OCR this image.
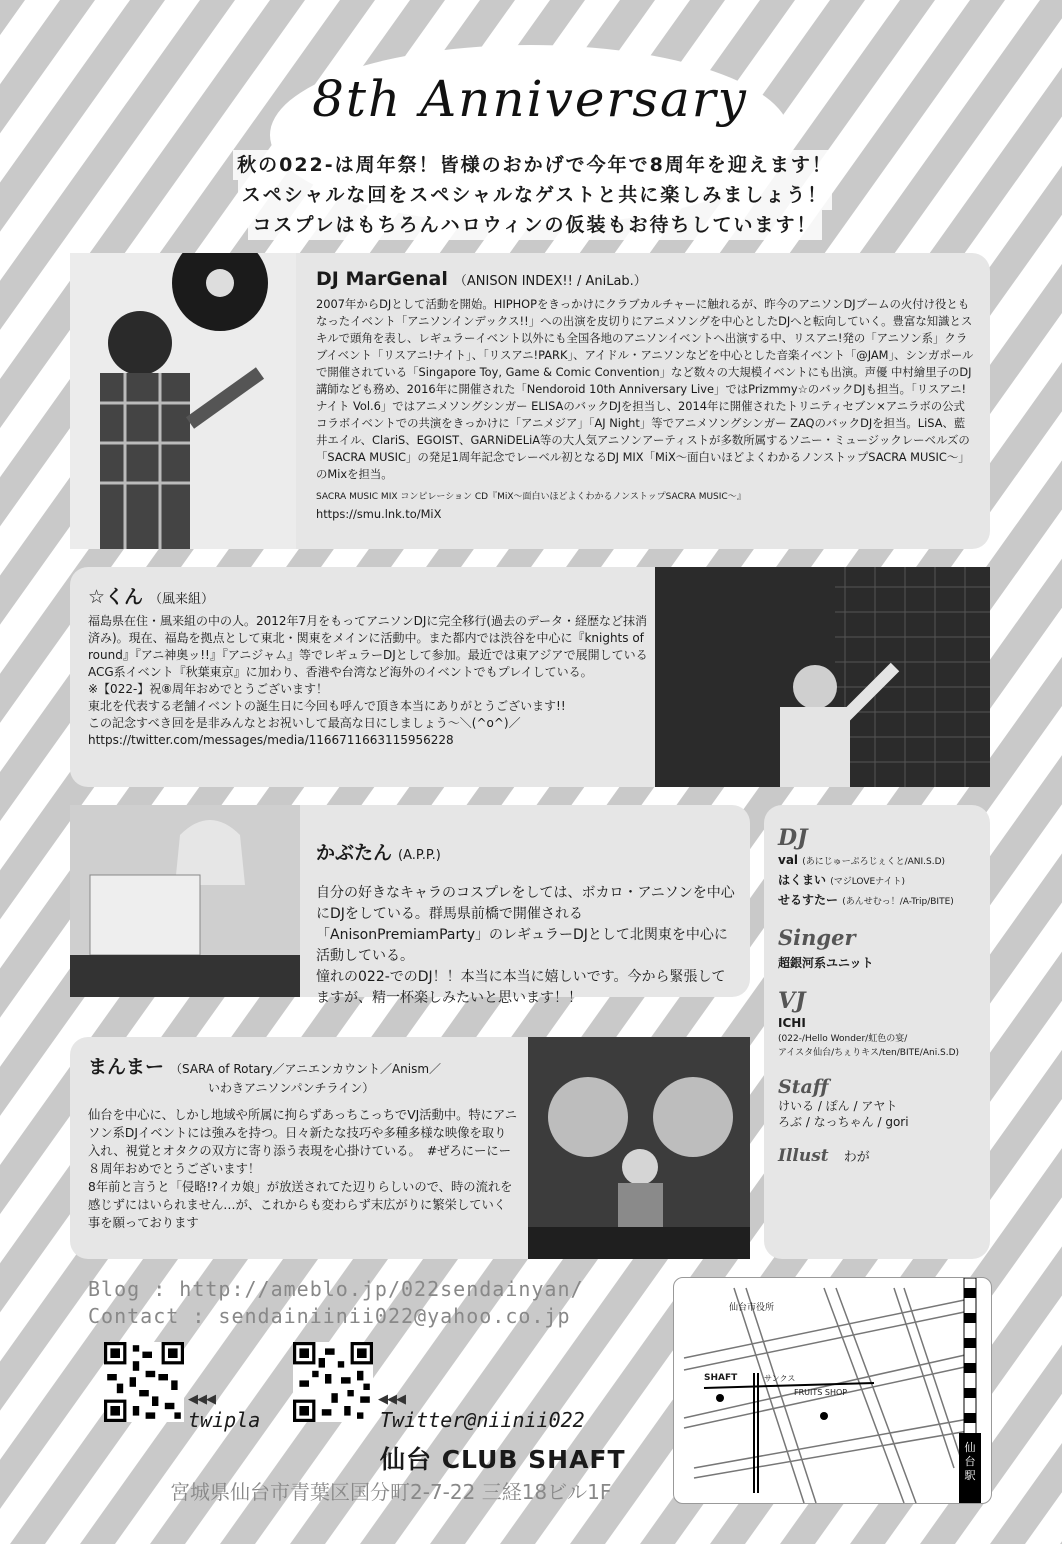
8th Anniversary
秋の022-は周年祭！皆様のおかげで今年で8周年を迎えます！
スペシャルな回をスペシャルなゲストと共に楽しみましょう！
コスプレはもちろんハロウィンの仮装もお待ちしています！
DJ MarGenal （ANISON INDEX!! / AniLab.）
2007年からDJとして活動を開始。HIPHOPをきっかけにクラブカルチャーに触れるが、昨今のアニソンDJブームの火付け役ともなったイベント「アニソンインデックス!!」への出演を皮切りにアニメソングを中心としたDJへと転向していく。豊富な知識とスキルで頭角を表し、レギュラーイベント以外にも全国各地のアニソンイベントへ出演する中、リスアニ!発の「アニソン系」クラブイベント「リスアニ!ナイト」、「リスアニ!PARK」、アイドル・アニソンなどを中心とした音楽イベント「@JAM」、シンガポールで開催されている「Singapore Toy, Game & Comic Convention」など数々の大規模イベントにも出演。声優 中村繪里子のDJ講師なども務め、2016年に開催された「Nendoroid 10th Anniversary Live」ではPrizmmy☆のバックDJも担当。「リスアニ!ナイト Vol.6」ではアニメソングシンガー ELISAのバックDJを担当し、2014年に開催されたトリニティセブン×アニラボの公式コラボイベントでの共演をきっかけに「アニメジア」「AJ Night」等でアニメソングシンガー ZAQのバックDJを担当。LiSA、藍井エイル、ClariS、EGOIST、GARNiDELiA等の大人気アニソンアーティストが多数所属するソニー・ミュージックレーベルズの「SACRA MUSIC」の発足1周年記念でレーベル初となるDJ MIX「MiX～面白いほどよくわかるノンストップSACRA MUSIC～」のMixを担当。
SACRA MUSIC MIX コンピレーション CD『MiX～面白いほどよくわかるノンストップSACRA MUSIC～』
https://smu.lnk.to/MiX
☆くん （風来組）
福島県在住・風来組の中の人。2012年7月をもってアニソンDJに完全移行(過去のデータ・経歴など抹消済み)。現在、福島を拠点として東北・関東をメインに活動中。また都内では渋谷を中心に『knights of round』『アニ神奥ッ!!』『アニジャム』等でレギュラーDJとして参加。最近では東アジアで展開しているACG系イベント『秋葉東京』に加わり、香港や台湾など海外のイベントでもプレイしている。
※【022-】祝⑧周年おめでとうございます！
東北を代表する老舗イベントの誕生日に今回も呼んで頂き本当にありがとうございます!!
この記念すべき回を是非みんなとお祝いして最高な日にしましょう～＼(^o^)／
https://twitter.com/messages/media/1166711663115956228
かぶたん (A.P.P.)
自分の好きなキャラのコスプレをしては、ボカロ・アニソンを中心にDJをしている。群馬県前橋で開催される「AnisonPremiamParty」のレギュラーDJとして北関東を中心に活動している。
憧れの022-でのDJ！！本当に本当に嬉しいです。今から緊張してますが、精一杯楽しみたいと思います！！
まんまー （SARA of Rotary／アニエンカウント／Anism／
いわきアニソンパンチライン）
仙台を中心に、しかし地域や所属に拘らずあっちこっちでVJ活動中。特にアニソン系DJイベントには強みを持つ。日々新たな技巧や多種多様な映像を取り入れ、視覚とオタクの双方に寄り添う表現を心掛けている。　#ぜろにーにー８周年おめでとうございます！
8年前と言うと「侵略!?イカ娘」が放送されてた辺りらしいので、時の流れを感じずにはいられません…が、これからも変わらず末広がりに繁栄していく事を願っております
DJ
val (あにじゅーぷろじぇくと/ANI.S.D)
はくまい (マジLOVEナイト)
せるすたー (あんせむっ！/A-Trip/BITE)
Singer
超銀河系ユニット
VJ
ICHI
(022-/Hello Wonder/虹色の宴/
アイスタ仙台/ちぇりキス/ten/BITE/Ani.S.D)
Staff
けいる / ぽん / アヤト
ろぶ / なっちゃん / gori
Illust わが
Blog : http://ameblo.jp/022sendainyan/
Contact : sendainiinii022@yahoo.co.jp
◀◀◀
twipla
◀◀◀
Twitter@niinii022
仙台 CLUB SHAFT
宮城県仙台市青葉区国分町2-7-22 三経18ビル1F
仙台市役所
SHAFT	サンクス
FRUITS SHOP
仙台駅
